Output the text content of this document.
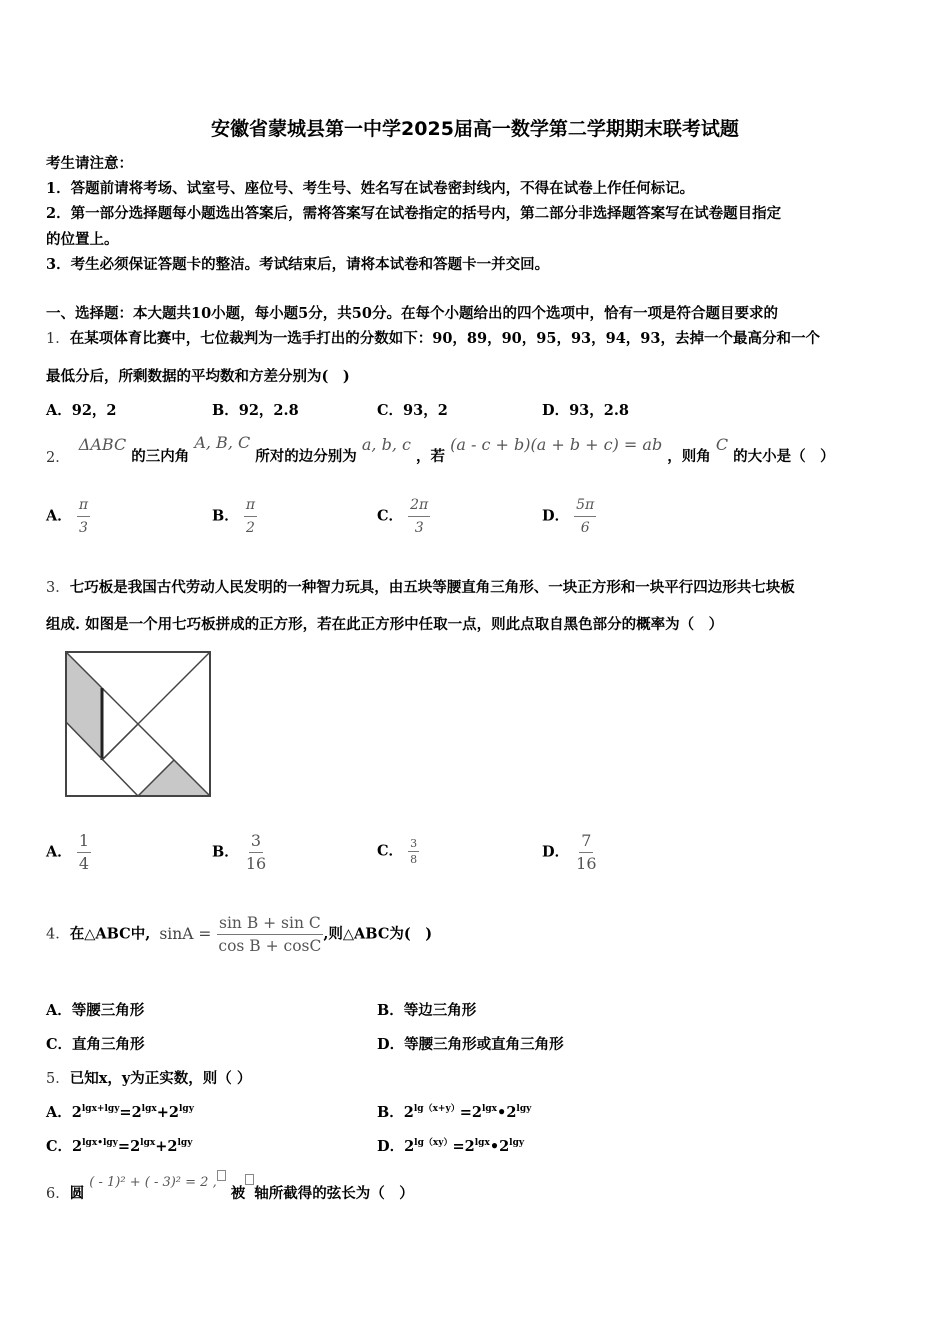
安徽省蒙城县第一中学2025届高一数学第二学期期末联考试题
考生请注意：
1．答题前请将考场、试室号、座位号、考生号、姓名写在试卷密封线内，不得在试卷上作任何标记。
2．第一部分选择题每小题选出答案后，需将答案写在试卷指定的括号内，第二部分非选择题答案写在试卷题目指定
的位置上。
3．考生必须保证答题卡的整洁。考试结束后，请将本试卷和答题卡一并交回。
一、选择题：本大题共10小题，每小题5分，共50分。在每个小题给出的四个选项中，恰有一项是符合题目要求的
1．在某项体育比赛中，七位裁判为一选手打出的分数如下：90，89，90，95，93，94，93，去掉一个最高分和一个
最低分后，所剩数据的平均数和方差分别为(　)
A．92，2	B．92，2.8	C．93，2	D．93，2.8
2． ΔABC 的三内角 A, B, C 所对的边分别为 a, b, c ，若 (a - c + b)(a + b + c) = ab ，则角 C 的大小是（　）
A． $\frac{\pi}{3}$	B． $\frac{\pi}{2}$	C． $\frac{2\pi}{3}$	D． $\frac{5\pi}{6}$
3．七巧板是我国古代劳动人民发明的一种智力玩具，由五块等腰直角三角形、一块正方形和一块平行四边形共七块板
组成. 如图是一个用七巧板拼成的正方形，若在此正方形中任取一点，则此点取自黑色部分的概率为（　）
A． $\frac{1}{4}$	B． $\frac{3}{16}$	C． $\frac{3}{8}$	D． $\frac{7}{16}$
4．在△ABC中, $\sin A = \frac{\text{sin B + sin C}}{\text{cos B + cosC}}$ ,则△ABC为(　)
A．等腰三角形	B．等边三角形
C．直角三角形	D．等腰三角形或直角三角形
5．已知x，y为正实数，则（ ）
A．$2^{lgx+lgy}=2^{lgx}+2^{lgy}$	B．$2^{lg(x+y)}=2^{lgx}•2^{lgy}$
C．$2^{lgx•lgy}=2^{lgx}+2^{lgy}$	D．$2^{lg(xy)}=2^{lgx}•2^{lgy}$
6．圆 ( - 1)² + ( - 3)² = 2 , 被 轴所截得的弦长为（　）
